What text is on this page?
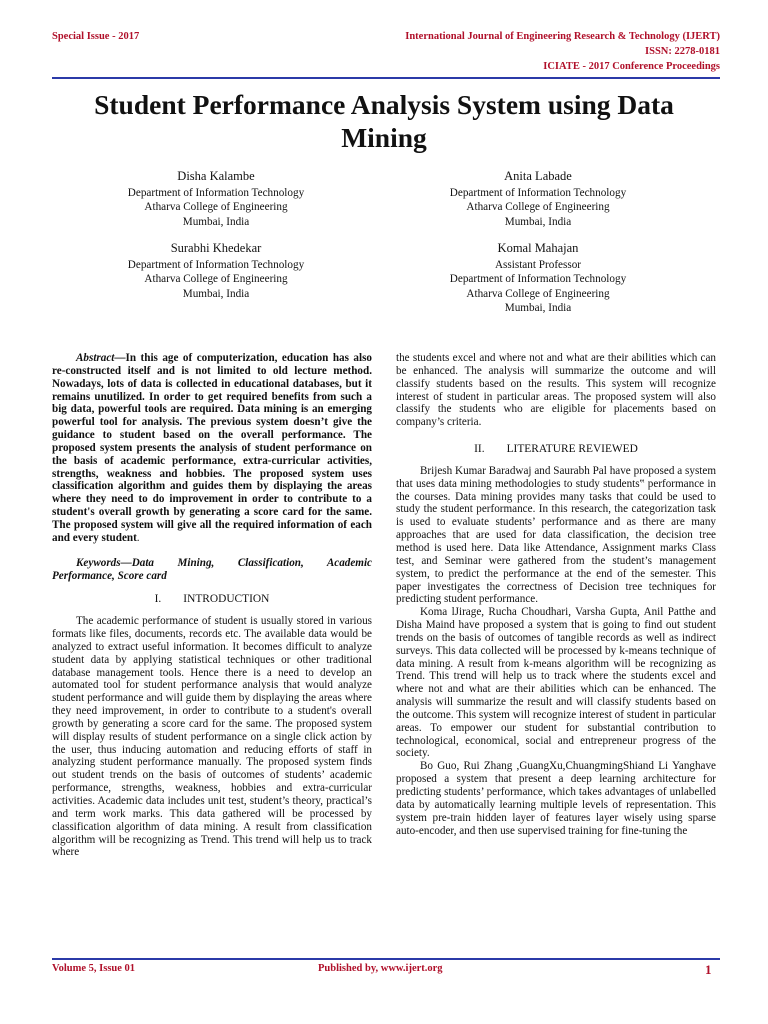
Special Issue - 2017	International Journal of Engineering Research & Technology (IJERT)
ISSN: 2278-0181
ICIATE - 2017 Conference Proceedings
Student Performance Analysis System using Data
Mining
Disha Kalambe
Department of Information Technology
Atharva College of Engineering
Mumbai, India
Anita Labade
Department of Information Technology
Atharva College of Engineering
Mumbai, India
Surabhi Khedekar
Department of Information Technology
Atharva College of Engineering
Mumbai, India
Komal Mahajan
Assistant Professor
Department of Information Technology
Atharva College of Engineering
Mumbai, India

Abstract—In this age of computerization, education has also re-constructed itself and is not limited to old lecture method. Nowadays, lots of data is collected in educational databases, but it remains unutilized. In order to get required benefits from such a big data, powerful tools are required. Data mining is an emerging powerful tool for analysis. The previous system doesn’t give the guidance to student based on the overall performance. The proposed system presents the analysis of student performance on the basis of academic performance, extra-curricular activities, strengths, weakness and hobbies. The proposed system uses classification algorithm and guides them by displaying the areas where they need to do improvement in order to contribute to a student's overall growth by generating a score card for the same. The proposed system will give all the required information of each and every student.

Keywords—Data Mining, Classification, Academic Performance, Score card

I. INTRODUCTION

The academic performance of student is usually stored in various formats like files, documents, records etc. The available data would be analyzed to extract useful information. It becomes difficult to analyze student data by applying statistical techniques or other traditional database management tools. Hence there is a need to develop an automated tool for student performance analysis that would analyze student performance and will guide them by displaying the areas where they need improvement, in order to contribute to a student's overall growth by generating a score card for the same. The proposed system will display results of student performance on a single click action by the user, thus inducing automation and reducing efforts of staff in analyzing student performance manually. The proposed system finds out student trends on the basis of outcomes of students’ academic performance, strengths, weakness, hobbies and extra-curricular activities. Academic data includes unit test, student’s theory, practical’s and term work marks. This data gathered will be processed by classification algorithm of data mining. A result from classification algorithm will be recognizing as Trend. This trend will help us to track where

the students excel and where not and what are their abilities which can be enhanced. The analysis will summarize the outcome and will classify students based on the results. This system will recognize interest of student in particular areas. The proposed system will also classify the students who are eligible for placements based on company’s criteria.

II. LITERATURE REVIEWED

Brijesh Kumar Baradwaj and Saurabh Pal have proposed a system that uses data mining methodologies to study students‟ performance in the courses. Data mining provides many tasks that could be used to study the student performance. In this research, the categorization task is used to evaluate students’ performance and as there are many approaches that are used for data classification, the decision tree method is used here. Data like Attendance, Assignment marks Class test, and Seminar were gathered from the student’s management system, to predict the performance at the end of the semester. This paper investigates the correctness of Decision tree techniques for predicting student performance.

Koma lJirage, Rucha Choudhari, Varsha Gupta, Anil Patthe and Disha Maind have proposed a system that is going to find out student trends on the basis of outcomes of tangible records as well as indirect surveys. This data collected will be processed by k-means technique of data mining. A result from k-means algorithm will be recognizing as Trend. This trend will help us to track where the students excel and where not and what are their abilities which can be enhanced. The analysis will summarize the result and will classify students based on the outcome. This system will recognize interest of student in particular areas. To empower our student for substantial contribution to technological, economical, social and entrepreneur progress of the society.

Bo Guo, Rui Zhang ,GuangXu,ChuangmingShiand Li Yanghave proposed a system that present a deep learning architecture for predicting students’ performance, which takes advantages of unlabelled data by automatically learning multiple levels of representation. This system pre-train hidden layer of features layer wisely using sparse auto-encoder, and then use supervised training for fine-tuning the

Volume 5, Issue 01	Published by, www.ijert.org	1
